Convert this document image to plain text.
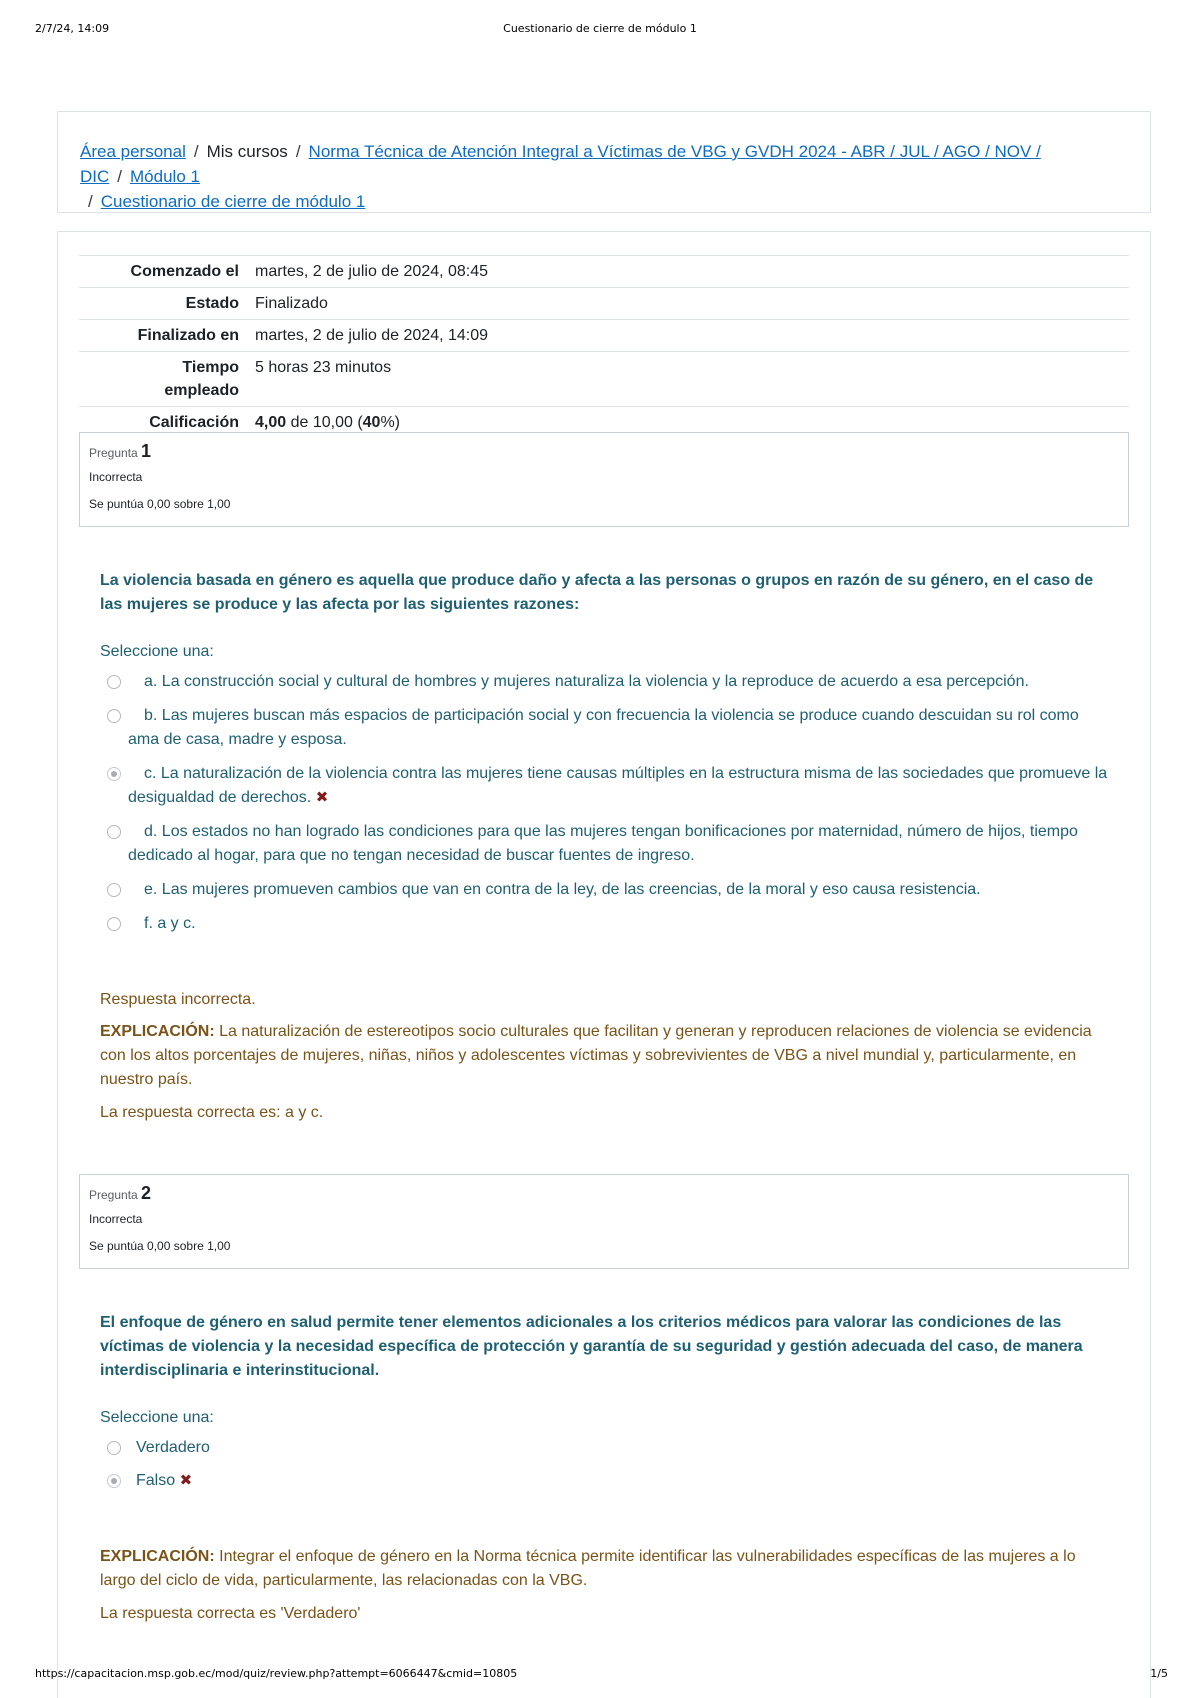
2/7/24, 14:09	Cuestionario de cierre de módulo 1
Área personal / Mis cursos / Norma Técnica de Atención Integral a Víctimas de VBG y GVDH 2024 - ABR / JUL / AGO / NOV / DIC / Módulo 1
/ Cuestionario de cierre de módulo 1
Comenzado el	martes, 2 de julio de 2024, 08:45
Estado	Finalizado
Finalizado en	martes, 2 de julio de 2024, 14:09
Tiempo
empleado	5 horas 23 minutos
Calificación	4,00 de 10,00 (40%)
Pregunta 1
Incorrecta
Se puntúa 0,00 sobre 1,00
La violencia basada en género es aquella que produce daño y afecta a las personas o grupos en razón de su género, en el caso de las mujeres se produce y las afecta por las siguientes razones:
Seleccione una:
a. La construcción social y cultural de hombres y mujeres naturaliza la violencia y la reproduce de acuerdo a esa percepción.
b. Las mujeres buscan más espacios de participación social y con frecuencia la violencia se produce cuando descuidan su rol como ama de casa, madre y esposa.
c. La naturalización de la violencia contra las mujeres tiene causas múltiples en la estructura misma de las sociedades que promueve la desigualdad de derechos. ✖
d. Los estados no han logrado las condiciones para que las mujeres tengan bonificaciones por maternidad, número de hijos, tiempo dedicado al hogar, para que no tengan necesidad de buscar fuentes de ingreso.
e. Las mujeres promueven cambios que van en contra de la ley, de las creencias, de la moral y eso causa resistencia.
f. a y c.
Respuesta incorrecta.
EXPLICACIÓN: La naturalización de estereotipos socio culturales que facilitan y generan y reproducen relaciones de violencia se evidencia con los altos porcentajes de mujeres, niñas, niños y adolescentes víctimas y sobrevivientes de VBG a nivel mundial y, particularmente, en nuestro país.
La respuesta correcta es: a y c.
Pregunta 2
Incorrecta
Se puntúa 0,00 sobre 1,00
El enfoque de género en salud permite tener elementos adicionales a los criterios médicos para valorar las condiciones de las víctimas de violencia y la necesidad específica de protección y garantía de su seguridad y gestión adecuada del caso, de manera interdisciplinaria e interinstitucional.
Seleccione una:
Verdadero
Falso ✖
EXPLICACIÓN: Integrar el enfoque de género en la Norma técnica permite identificar las vulnerabilidades específicas de las mujeres a lo largo del ciclo de vida, particularmente, las relacionadas con la VBG.
La respuesta correcta es 'Verdadero'
https://capacitacion.msp.gob.ec/mod/quiz/review.php?attempt=6066447&cmid=10805	1/5
